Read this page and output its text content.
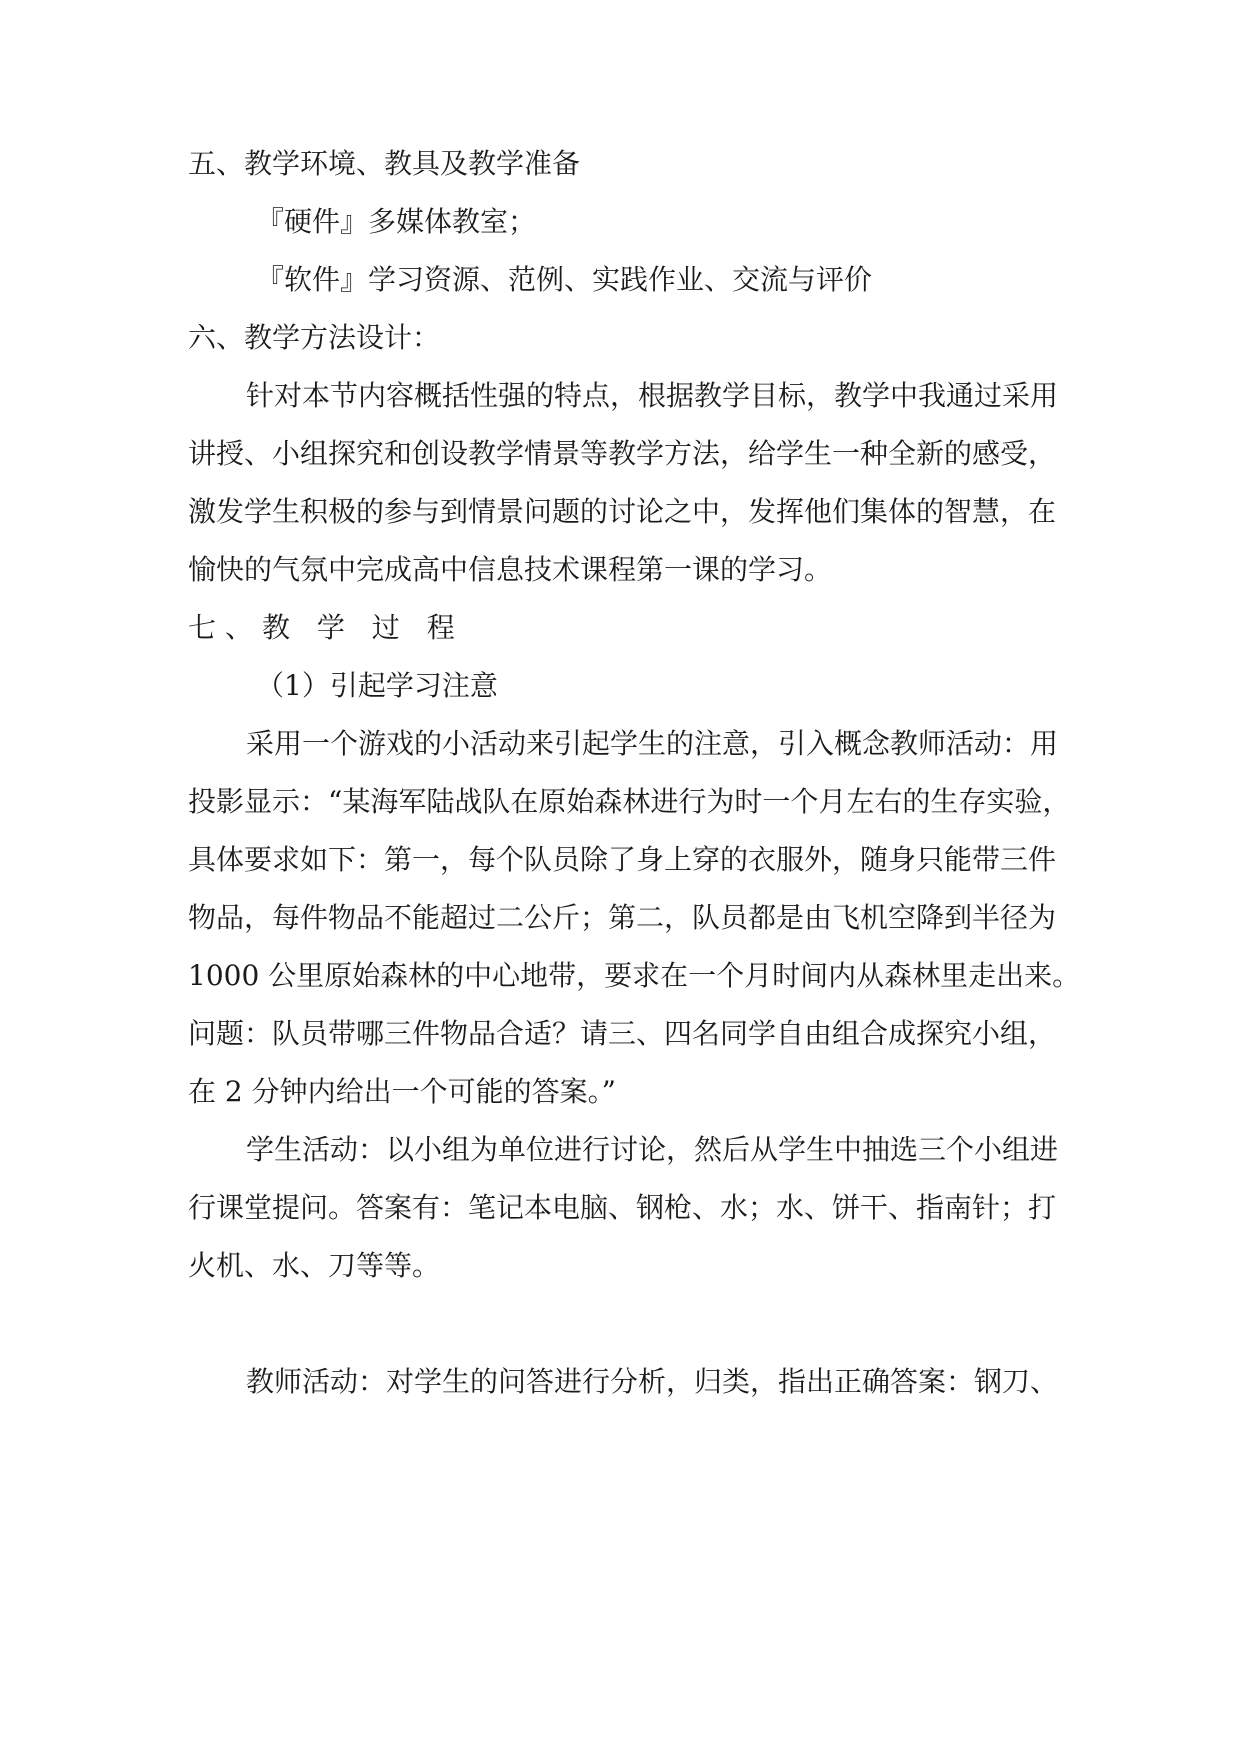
五、教学环境、教具及教学准备

『硬件』多媒体教室；

『软件』学习资源、范例、实践作业、交流与评价

六、教学方法设计：

针对本节内容概括性强的特点，根据教学目标，教学中我通过采用

讲授、小组探究和创设教学情景等教学方法，给学生一种全新的感受，

激发学生积极的参与到情景问题的讨论之中，发挥他们集体的智慧，在

愉快的气氛中完成高中信息技术课程第一课的学习。

七、教 学 过 程

（1）引起学习注意

采用一个游戏的小活动来引起学生的注意，引入概念教师活动：用

投影显示：“某海军陆战队在原始森林进行为时一个月左右的生存实验，

具体要求如下：第一，每个队员除了身上穿的衣服外，随身只能带三件

物品，每件物品不能超过二公斤；第二，队员都是由飞机空降到半径为

1000 公里原始森林的中心地带，要求在一个月时间内从森林里走出来。

问题：队员带哪三件物品合适？请三、四名同学自由组合成探究小组，

在 2 分钟内给出一个可能的答案。”

学生活动：以小组为单位进行讨论，然后从学生中抽选三个小组进

行课堂提问。答案有：笔记本电脑、钢枪、水；水、饼干、指南针；打

火机、水、刀等等。

教师活动：对学生的问答进行分析，归类，指出正确答案：钢刀、
